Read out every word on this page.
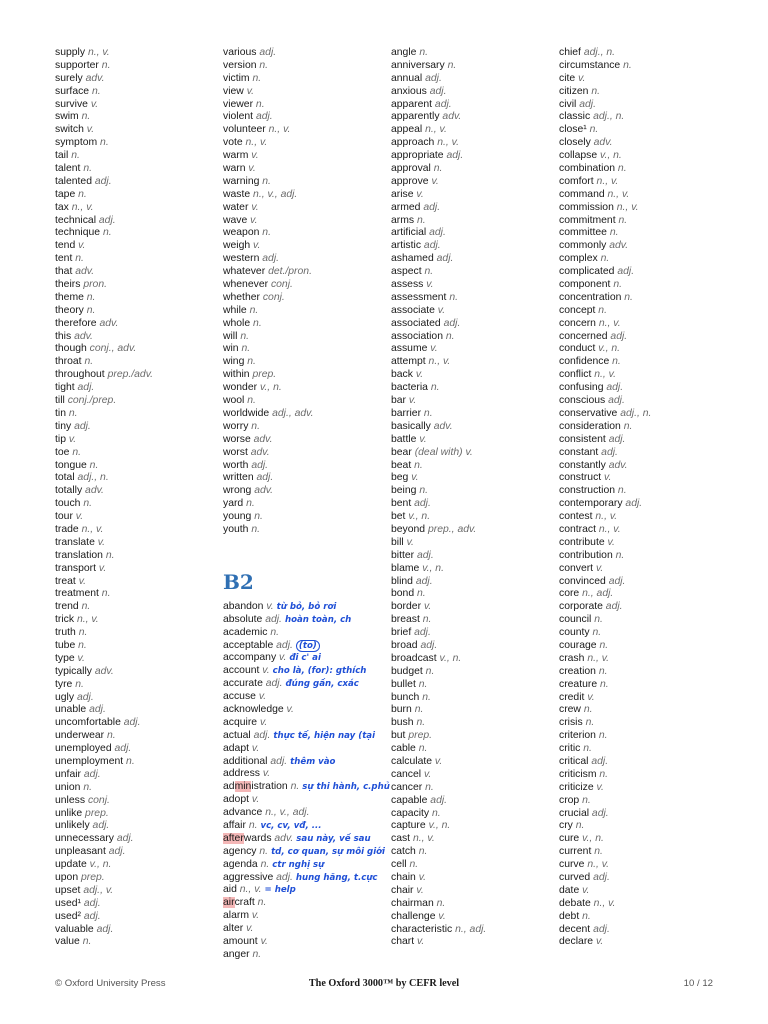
supply n., v.
supporter n.
surely adv.
surface n.
survive v.
swim n.
switch v.
symptom n.
tail n.
talent n.
talented adj.
tape n.
tax n., v.
technical adj.
technique n.
tend v.
tent n.
that adv.
theirs pron.
theme n.
theory n.
therefore adv.
this adv.
though conj., adv.
throat n.
throughout prep./adv.
tight adj.
till conj./prep.
tin n.
tiny adj.
tip v.
toe n.
tongue n.
total adj., n.
totally adv.
touch n.
tour v.
trade n., v.
translate v.
translation n.
transport v.
treat v.
treatment n.
trend n.
trick n., v.
truth n.
tube n.
type v.
typically adv.
tyre n.
ugly adj.
unable adj.
uncomfortable adj.
underwear n.
unemployed adj.
unemployment n.
unfair adj.
union n.
unless conj.
unlike prep.
unlikely adj.
unnecessary adj.
unpleasant adj.
update v., n.
upon prep.
upset adj., v.
used¹ adj.
used² adj.
valuable adj.
value n.
various adj.
version n.
victim n.
view v.
viewer n.
violent adj.
volunteer n., v.
vote n., v.
warm v.
warn v.
warning n.
waste n., v., adj.
water v.
wave v.
weapon n.
weigh v.
western adj.
whatever det./pron.
whenever conj.
whether conj.
while n.
whole n.
will n.
win n.
wing n.
within prep.
wonder v., n.
wool n.
worldwide adj., adv.
worry n.
worse adv.
worst adv.
worth adj.
written adj.
wrong adv.
yard n.
young n.
youth n.
B2
abandon v. từ bỏ, bỏ rơi
absolute adj. hoàn toàn, ch
academic n.
acceptable adj. (to)
accompany v. đi c' ai
account v. cho là, (for): gthích
accurate adj. đúng gần, cxác
accuse v.
acknowledge v.
acquire v.
actual adj. thực tế, hiện nay (tại
adapt v.
additional adj. thêm vào
address v.
administration n. sự thi hành, c.phủ
adopt v.
advance n., v., adj.
affair n. vc, cv, vđ, ...
afterwards adv. sau này, về sau
agency n. td, cơ quan, sự môi giới
agenda n. ctr nghị sự
aggressive adj. hung hăng, t.cực
aid n., v. = help
aircraft n.
alarm v.
alter v.
amount v.
anger n.
angle n.
anniversary n.
annual adj.
anxious adj.
apparent adj.
apparently adv.
appeal n., v.
approach n., v.
appropriate adj.
approval n.
approve v.
arise v.
armed adj.
arms n.
artificial adj.
artistic adj.
ashamed adj.
aspect n.
assess v.
assessment n.
associate v.
associated adj.
association n.
assume v.
attempt n., v.
back v.
bacteria n.
bar v.
barrier n.
basically adv.
battle v.
bear (deal with) v.
beat n.
beg v.
being n.
bent adj.
bet v., n.
beyond prep., adv.
bill v.
bitter adj.
blame v., n.
blind adj.
bond n.
border v.
breast n.
brief adj.
broad adj.
broadcast v., n.
budget n.
bullet n.
bunch n.
burn n.
bush n.
but prep.
cable n.
calculate v.
cancel v.
cancer n.
capable adj.
capacity n.
capture v., n.
cast n., v.
catch n.
cell n.
chain v.
chair v.
chairman n.
challenge v.
characteristic n., adj.
chart v.
chief adj., n.
circumstance n.
cite v.
citizen n.
civil adj.
classic adj., n.
close¹ n.
closely adv.
collapse v., n.
combination n.
comfort n., v.
command n., v.
commission n., v.
commitment n.
committee n.
commonly adv.
complex n.
complicated adj.
component n.
concentration n.
concept n.
concern n., v.
concerned adj.
conduct v., n.
confidence n.
conflict n., v.
confusing adj.
conscious adj.
conservative adj., n.
consideration n.
consistent adj.
constant adj.
constantly adv.
construct v.
construction n.
contemporary adj.
contest n., v.
contract n., v.
contribute v.
contribution n.
convert v.
convinced adj.
core n., adj.
corporate adj.
council n.
county n.
courage n.
crash n., v.
creation n.
creature n.
credit v.
crew n.
crisis n.
criterion n.
critic n.
critical adj.
criticism n.
criticize v.
crop n.
crucial adj.
cry n.
cure v., n.
current n.
curve n., v.
curved adj.
date v.
debate n., v.
debt n.
decent adj.
declare v.
© Oxford University Press	The Oxford 3000™ by CEFR level	10 / 12
